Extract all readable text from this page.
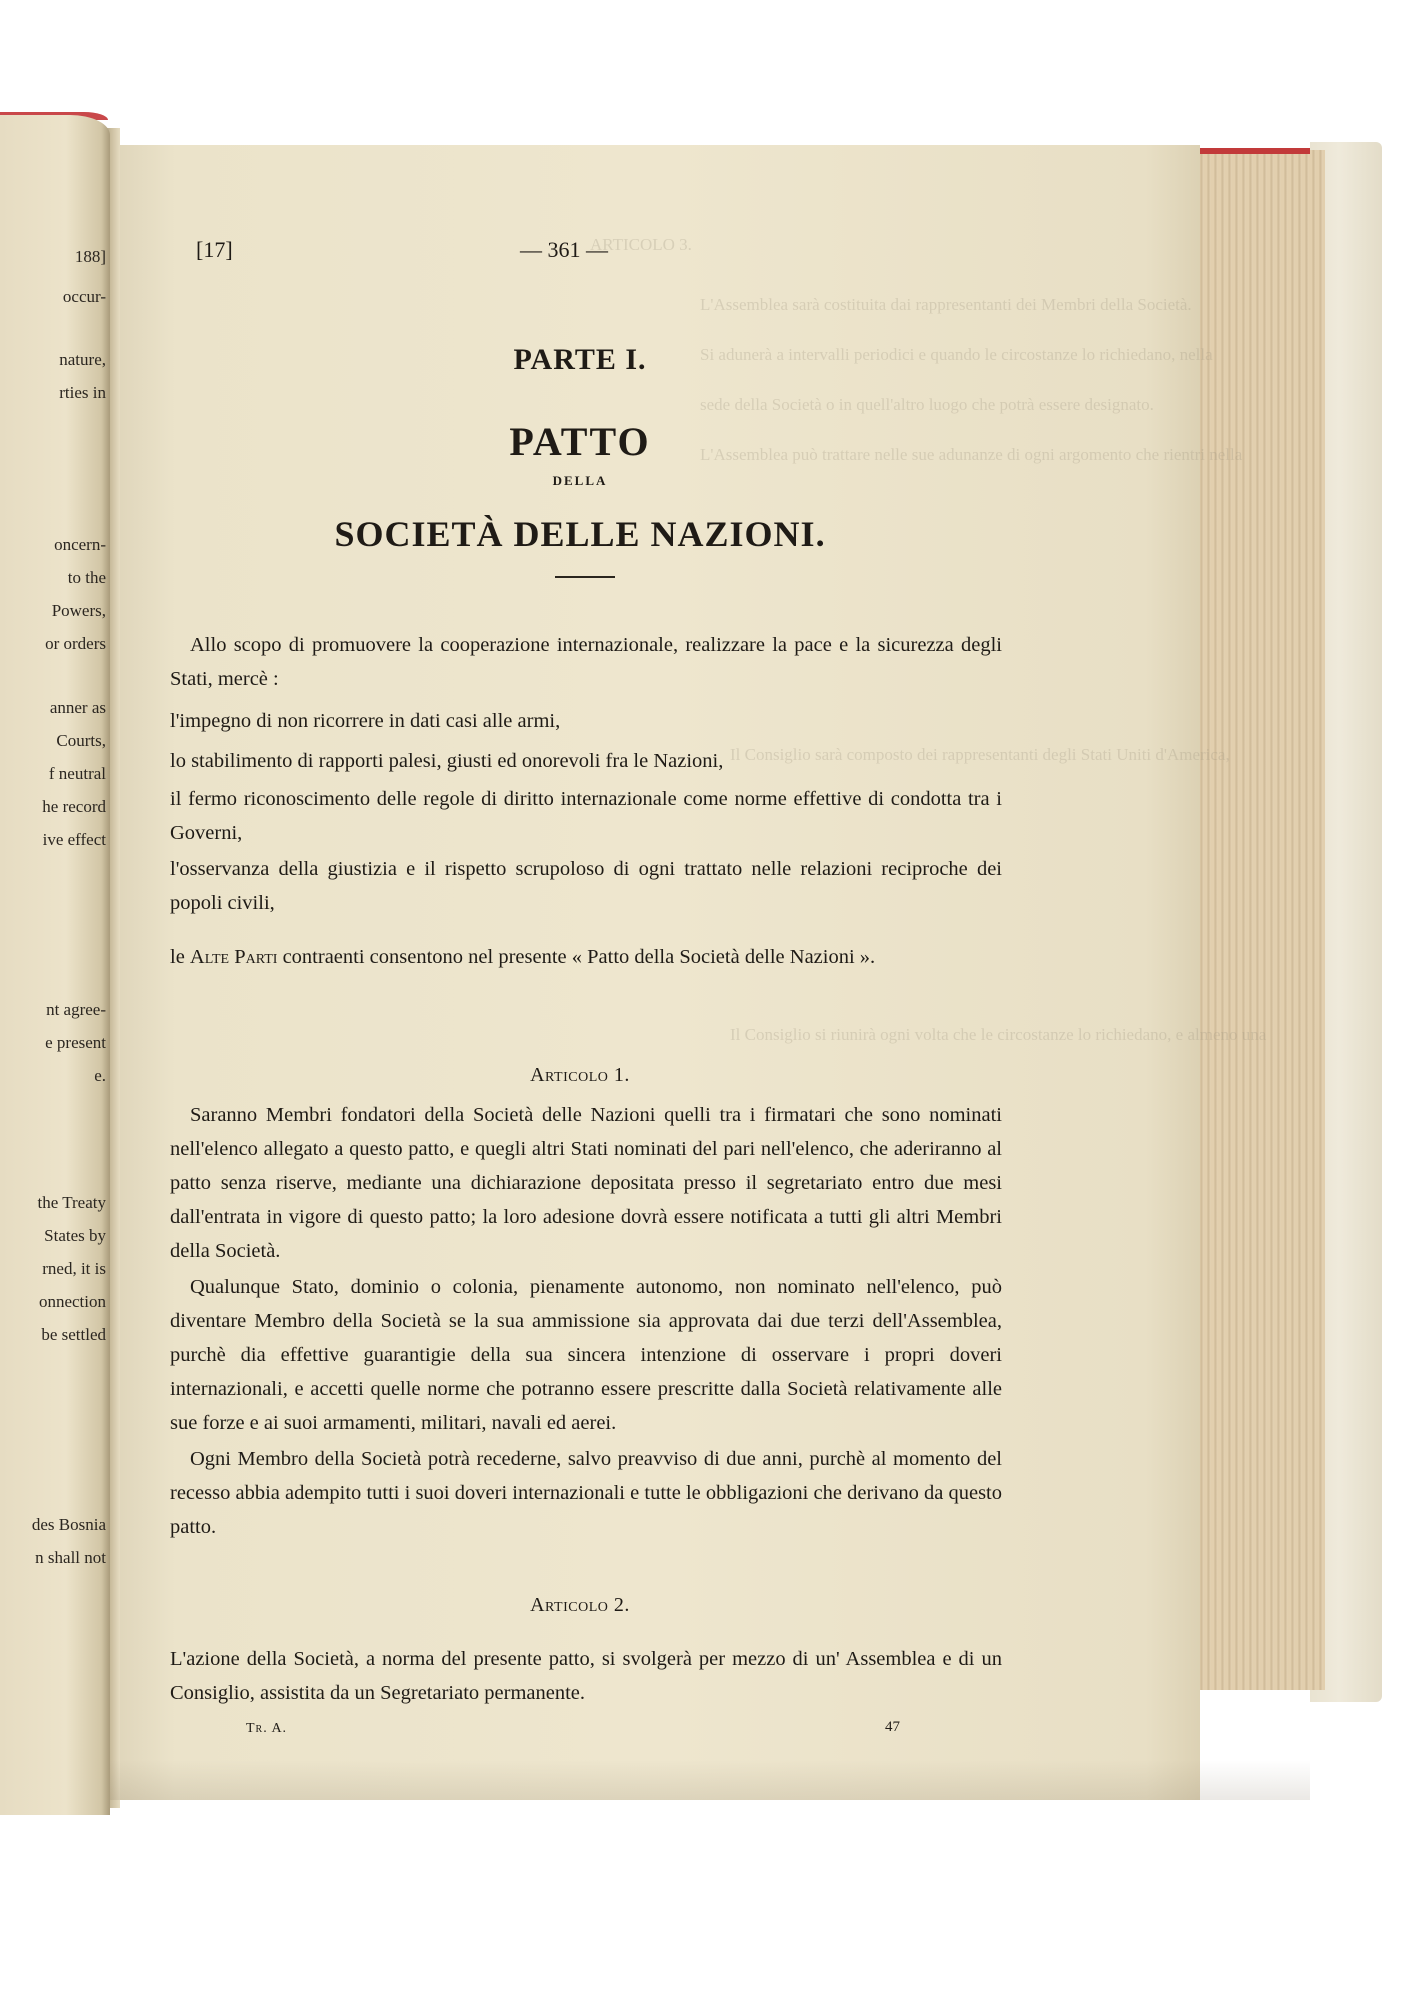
ARTICOLO 3.
L'Assemblea sarà costituita dai rappresentanti dei Membri della Società.
Si adunerà a intervalli periodici e quando le circostanze lo richiedano, nella
sede della Società o in quell'altro luogo che potrà essere designato.
L'Assemblea può trattare nelle sue adunanze di ogni argomento che rientri nella
Il Consiglio sarà composto dei rappresentanti degli Stati Uniti d'America,
Il Consiglio si riunirà ogni volta che le circostanze lo richiedano, e almeno una
188]
occur-
nature,
rties in
oncern-
to the
Powers,
or orders
anner as
Courts,
f neutral
he record
ive effect
nt agree-
e present
e.
the Treaty
States by
rned, it is
onnection
be settled
des Bosnia
n shall not
[17]	— 361 —
PARTE I.
PATTO
DELLA
SOCIETÀ DELLE NAZIONI.

Allo scopo di promuovere la cooperazione internazionale, realizzare la pace e la sicurezza degli Stati, mercè :

l'impegno di non ricorrere in dati casi alle armi,

lo stabilimento di rapporti palesi, giusti ed onorevoli fra le Nazioni,

il fermo riconoscimento delle regole di diritto internazionale come norme effettive di condotta tra i Governi,

l'osservanza della giustizia e il rispetto scrupoloso di ogni trattato nelle relazioni reciproche dei popoli civili,

le Alte Parti contraenti consentono nel presente « Patto della Società delle Nazioni ».

Articolo 1.

Saranno Membri fondatori della Società delle Nazioni quelli tra i firmatari che sono nominati nell'elenco allegato a questo patto, e quegli altri Stati nominati del pari nell'elenco, che aderiranno al patto senza riserve, mediante una dichiarazione depositata presso il segretariato entro due mesi dall'entrata in vigore di questo patto; la loro adesione dovrà essere notificata a tutti gli altri Membri della Società.

Qualunque Stato, dominio o colonia, pienamente autonomo, non nominato nell'elenco, può diventare Membro della Società se la sua ammissione sia approvata dai due terzi dell'Assemblea, purchè dia effettive guarantigie della sua sincera intenzione di osservare i propri doveri internazionali, e accetti quelle norme che potranno essere prescritte dalla Società relativamente alle sue forze e ai suoi armamenti, militari, navali ed aerei.

Ogni Membro della Società potrà recederne, salvo preavviso di due anni, purchè al momento del recesso abbia adempito tutti i suoi doveri internazionali e tutte le obbligazioni che derivano da questo patto.

Articolo 2.

L'azione della Società, a norma del presente patto, si svolgerà per mezzo di un' Assemblea e di un Consiglio, assistita da un Segretariato permanente.

Tr. A.	47
